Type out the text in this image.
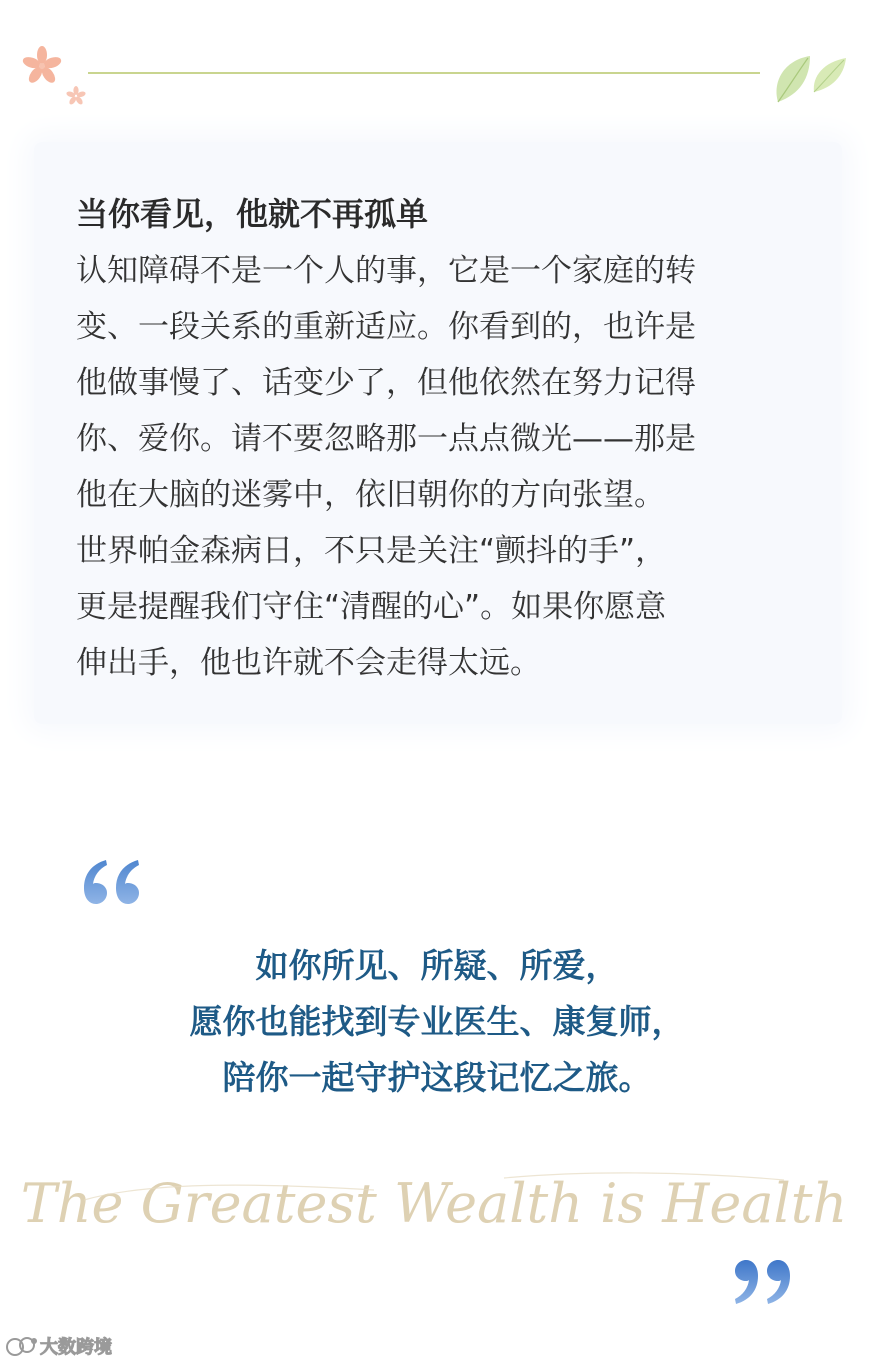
当你看见，他就不再孤单
认知障碍不是一个人的事，它是一个家庭的转
变、一段关系的重新适应。你看到的，也许是
他做事慢了、话变少了，但他依然在努力记得
你、爱你。请不要忽略那一点点微光——那是
他在大脑的迷雾中，依旧朝你的方向张望。
世界帕金森病日，不只是关注“颤抖的手”，
更是提醒我们守住“清醒的心”。如果你愿意
伸出手，他也许就不会走得太远。
如你所见、所疑、所爱，
愿你也能找到专业医生、康复师，
陪你一起守护这段记忆之旅。
The Greatest Wealth is Health
大数跨境
